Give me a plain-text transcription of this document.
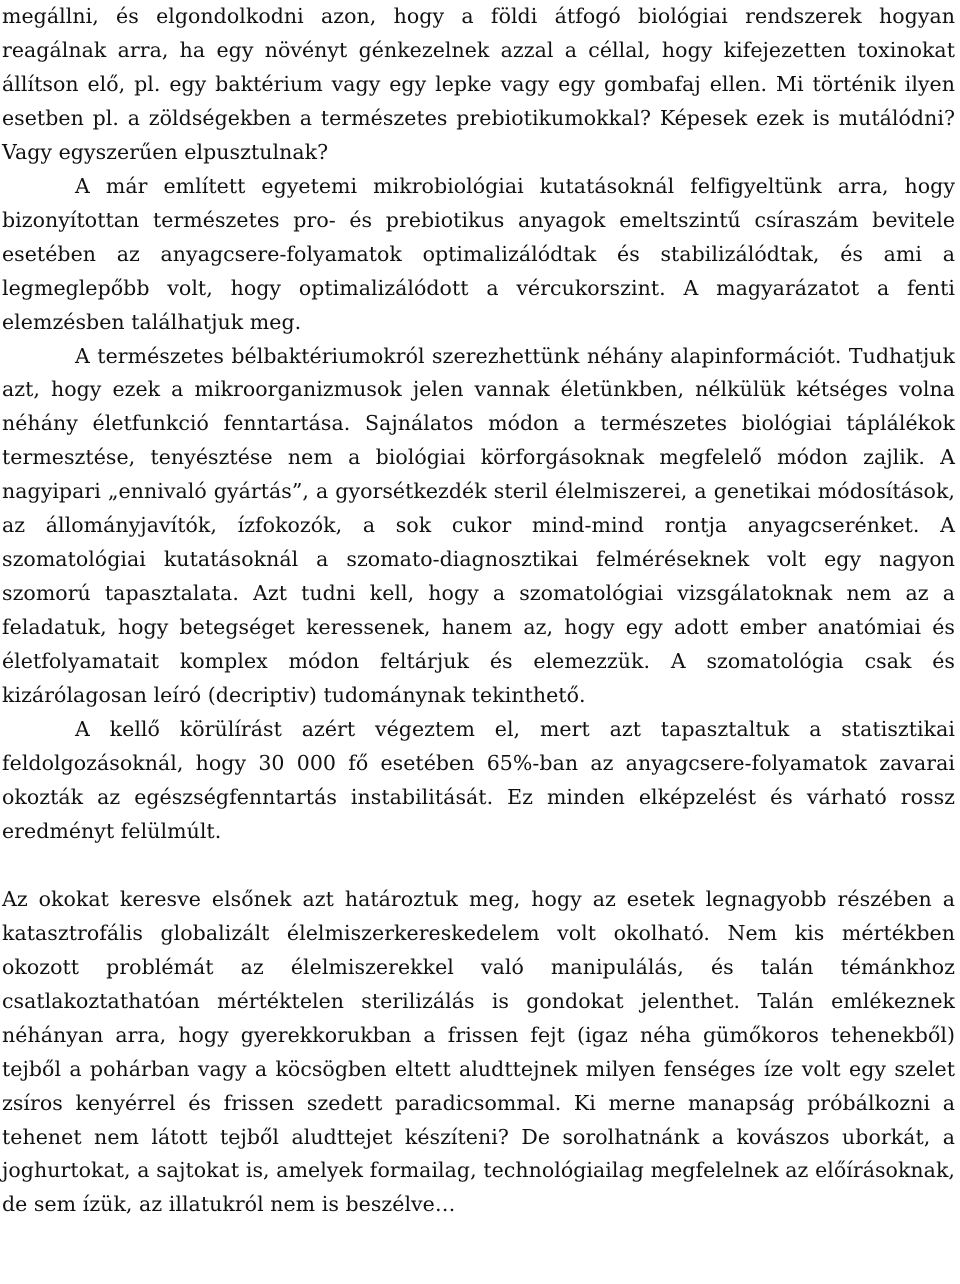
megállni, és elgondolkodni azon, hogy a földi átfogó biológiai rendszerek hogyan reagálnak arra, ha egy növényt génkezelnek azzal a céllal, hogy kifejezetten toxinokat állítson elő, pl. egy baktérium vagy egy lepke vagy egy gombafaj ellen. Mi történik ilyen esetben pl. a zöldségekben a természetes prebiotikumokkal? Képesek ezek is mutálódni? Vagy egyszerűen elpusztulnak?

A már említett egyetemi mikrobiológiai kutatásoknál felfigyeltünk arra, hogy bizonyítottan természetes pro- és prebiotikus anyagok emeltszintű csíraszám bevitele esetében az anyagcsere-folyamatok optimalizálódtak és stabilizálódtak, és ami a legmeglepőbb volt, hogy optimalizálódott a vércukorszint. A magyarázatot a fenti elemzésben találhatjuk meg.

A természetes bélbaktériumokról szerezhettünk néhány alapinformációt. Tudhatjuk azt, hogy ezek a mikroorganizmusok jelen vannak életünkben, nélkülük kétséges volna néhány életfunkció fenntartása. Sajnálatos módon a természetes biológiai táplálékok termesztése, tenyésztése nem a biológiai körforgásoknak megfelelő módon zajlik. A nagyipari „ennivaló gyártás”, a gyorsétkezdék steril élelmiszerei, a genetikai módosítások, az állományjavítók, ízfokozók, a sok cukor mind-mind rontja anyagcserénket. A szomatológiai kutatásoknál a szomato-diagnosztikai felméréseknek volt egy nagyon szomorú tapasztalata. Azt tudni kell, hogy a szomatológiai vizsgálatoknak nem az a feladatuk, hogy betegséget keressenek, hanem az, hogy egy adott ember anatómiai és életfolyamatait komplex módon feltárjuk és elemezzük. A szomatológia csak és kizárólagosan leíró (decriptiv) tudománynak tekinthető.

A kellő körülírást azért végeztem el, mert azt tapasztaltuk a statisztikai feldolgozásoknál, hogy 30 000 fő esetében 65%-ban az anyagcsere-folyamatok zavarai okozták az egészségfenntartás instabilitását. Ez minden elképzelést és várható rossz eredményt felülmúlt.

Az okokat keresve elsőnek azt határoztuk meg, hogy az esetek legnagyobb részében a katasztrofális globalizált élelmiszerkereskedelem volt okolható. Nem kis mértékben okozott problémát az élelmiszerekkel való manipulálás, és talán témánkhoz csatlakoztathatóan mértéktelen sterilizálás is gondokat jelenthet. Talán emlékeznek néhányan arra, hogy gyerekkorukban a frissen fejt (igaz néha gümőkoros tehenekből) tejből a pohárban vagy a köcsögben eltett aludttejnek milyen fenséges íze volt egy szelet zsíros kenyérrel és frissen szedett paradicsommal. Ki merne manapság próbálkozni a tehenet nem látott tejből aludttejet készíteni? De sorolhatnánk a kovászos uborkát, a joghurtokat, a sajtokat is, amelyek formailag, technológiailag megfelelnek az előírásoknak, de sem ízük, az illatukról nem is beszélve…
